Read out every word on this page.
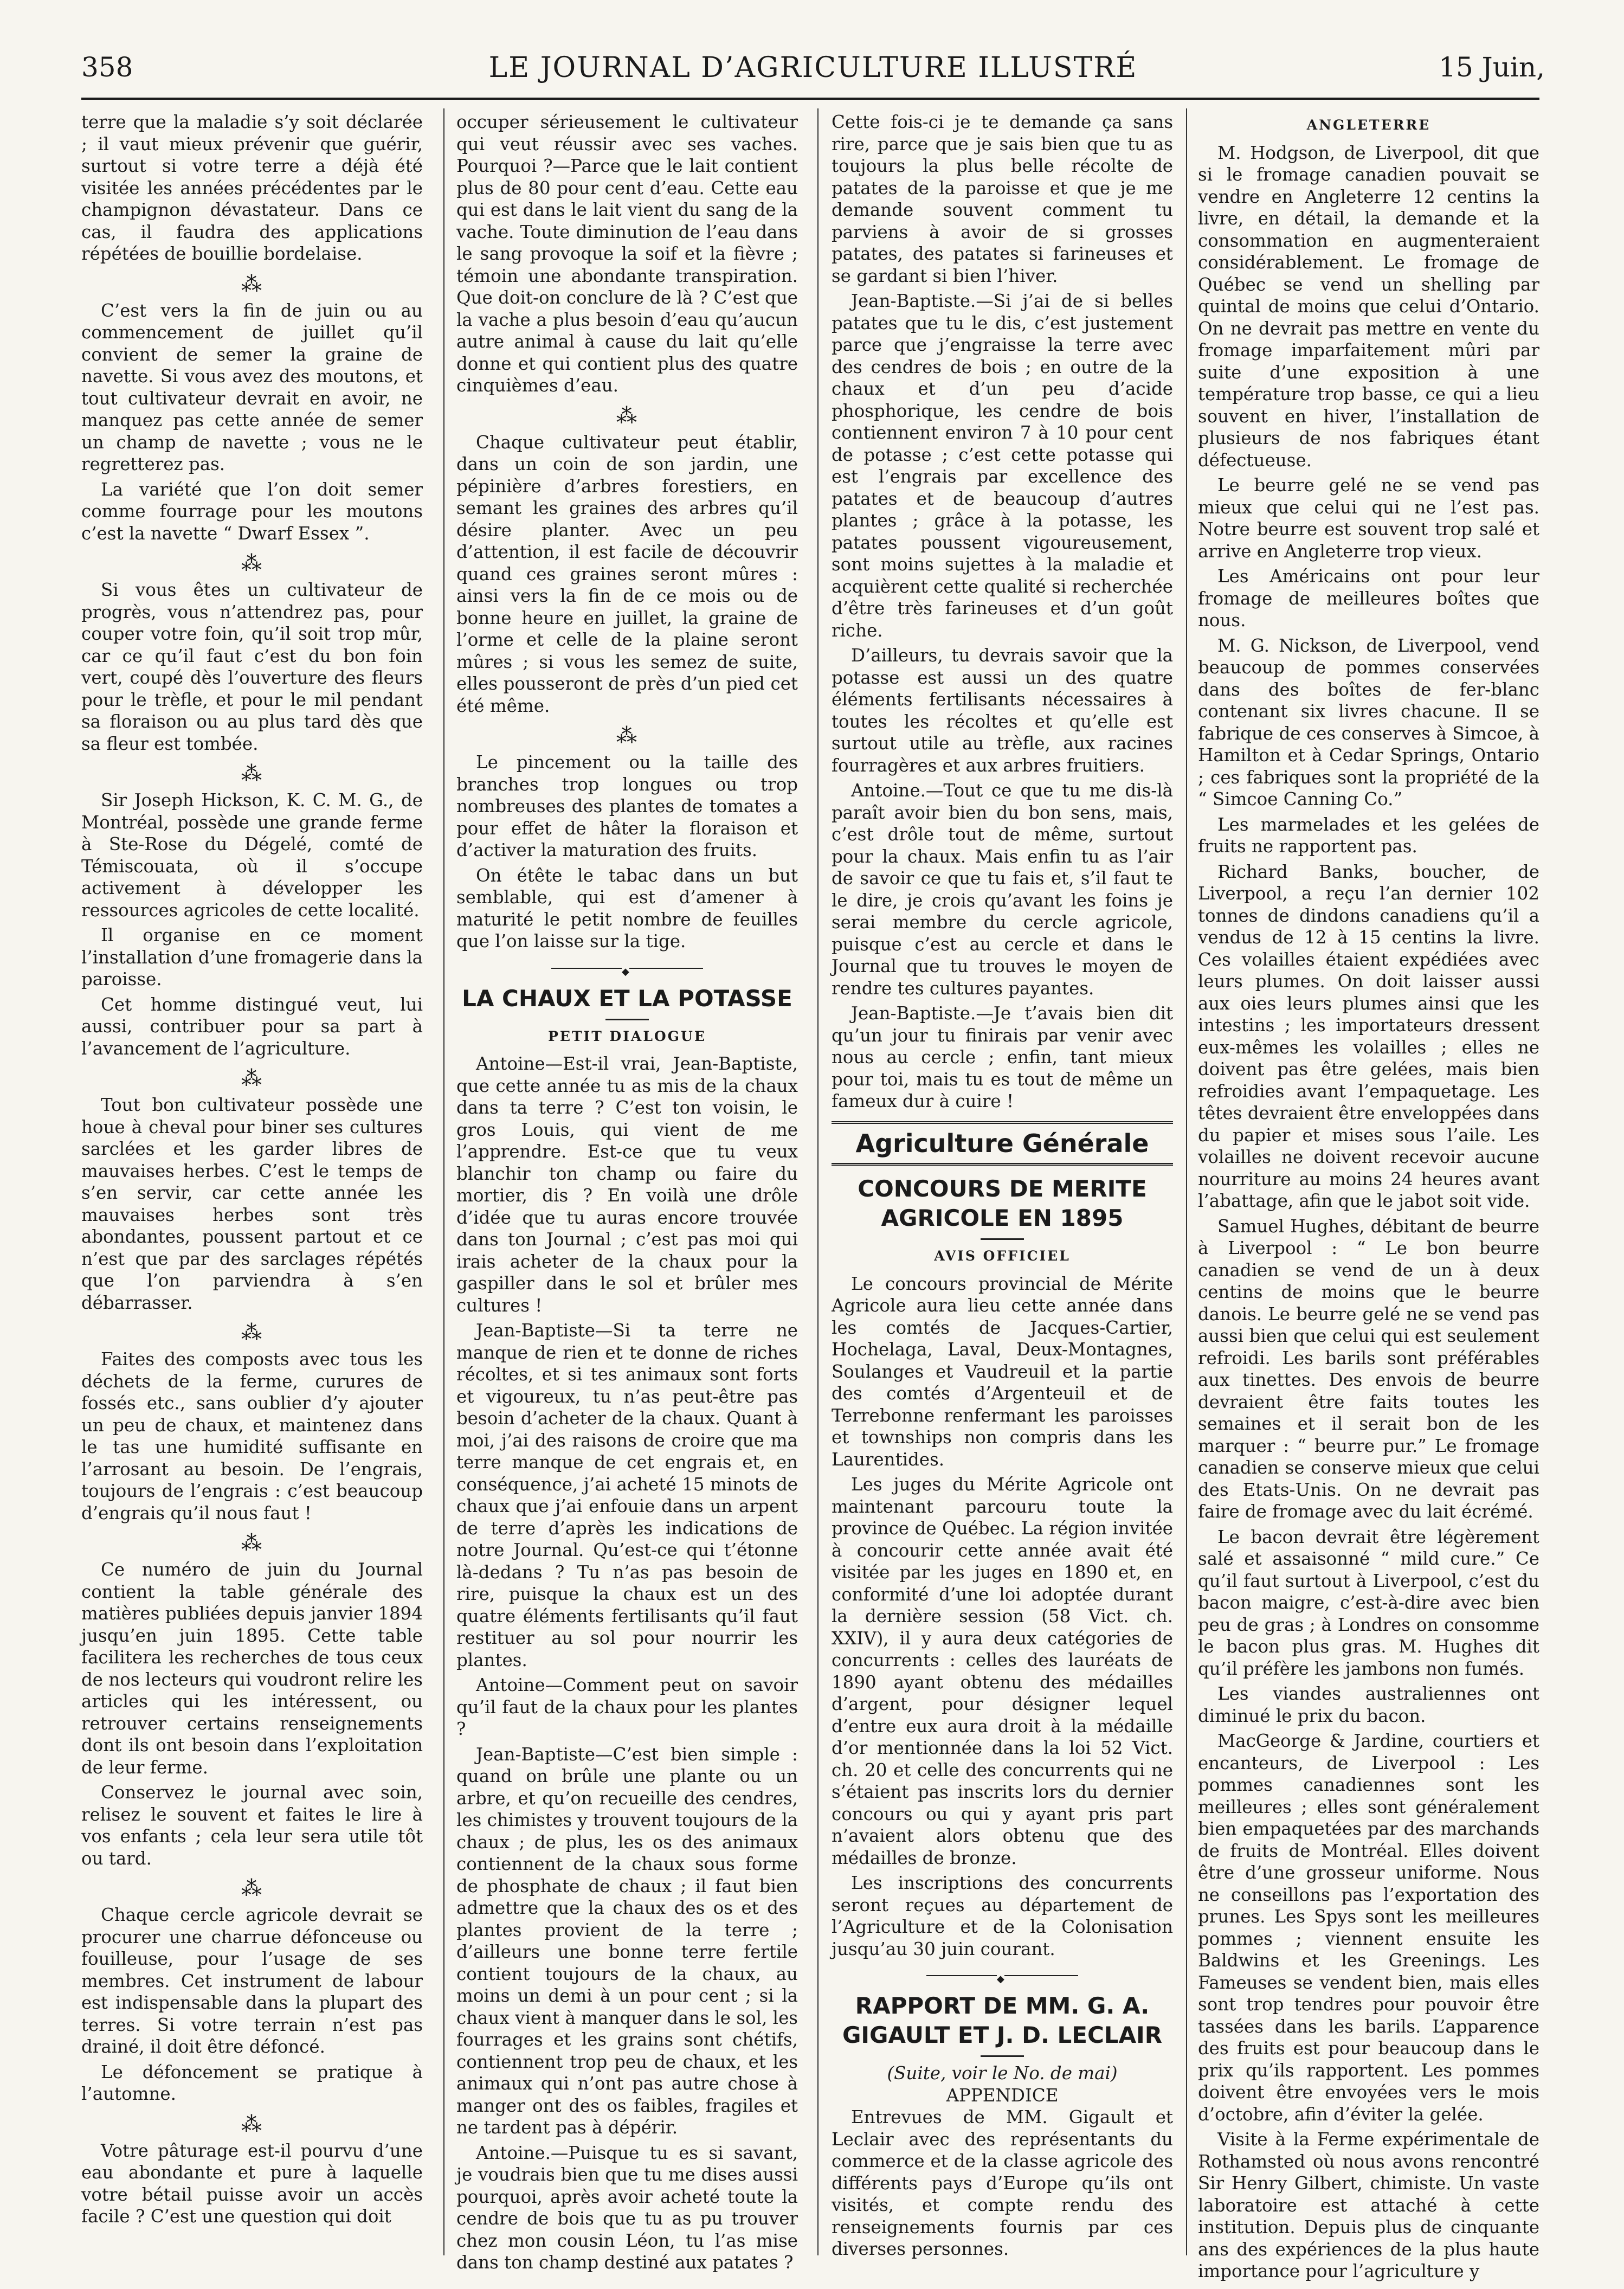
358	LE JOURNAL D’AGRICULTURE ILLUSTRÉ	15 Juin,

terre que la maladie s’y soit déclarée ; il vaut mieux prévenir que guérir, surtout si votre terre a déjà été visitée les années précédentes par le champignon dévastateur. Dans ce cas, il faudra des applications répétées de bouillie bordelaise.

⁂

C’est vers la fin de juin ou au commencement de juillet qu’il convient de semer la graine de navette. Si vous avez des moutons, et tout cultivateur devrait en avoir, ne manquez pas cette année de semer un champ de navette ; vous ne le regretterez pas.

La variété que l’on doit semer comme fourrage pour les moutons c’est la navette “ Dwarf Essex ”.

⁂

Si vous êtes un cultivateur de progrès, vous n’attendrez pas, pour couper votre foin, qu’il soit trop mûr, car ce qu’il faut c’est du bon foin vert, coupé dès l’ouverture des fleurs pour le trèfle, et pour le mil pendant sa floraison ou au plus tard dès que sa fleur est tombée.

⁂

Sir Joseph Hickson, K. C. M. G., de Montréal, possède une grande ferme à Ste-Rose du Dégelé, comté de Témiscouata, où il s’occupe activement à développer les ressources agricoles de cette localité.

Il organise en ce moment l’installation d’une fromagerie dans la paroisse.

Cet homme distingué veut, lui aussi, contribuer pour sa part à l’avancement de l’agriculture.

⁂

Tout bon cultivateur possède une houe à cheval pour biner ses cultures sarclées et les garder libres de mauvaises herbes. C’est le temps de s’en servir, car cette année les mauvaises herbes sont très abondantes, poussent partout et ce n’est que par des sarclages répétés que l’on parviendra à s’en débarrasser.

⁂

Faites des composts avec tous les déchets de la ferme, curures de fossés etc., sans oublier d’y ajouter un peu de chaux, et maintenez dans le tas une humidité suffisante en l’arrosant au besoin. De l’engrais, toujours de l’engrais : c’est beaucoup d’engrais qu’il nous faut !

⁂

Ce numéro de juin du Journal contient la table générale des matières publiées depuis janvier 1894 jusqu’en juin 1895. Cette table facilitera les recherches de tous ceux de nos lecteurs qui voudront relire les articles qui les intéressent, ou retrouver certains renseignements dont ils ont besoin dans l’exploitation de leur ferme.

Conservez le journal avec soin, relisez le souvent et faites le lire à vos enfants ; cela leur sera utile tôt ou tard.

⁂

Chaque cercle agricole devrait se procurer une charrue défonceuse ou fouilleuse, pour l’usage de ses membres. Cet instrument de labour est indispensable dans la plupart des terres. Si votre terrain n’est pas drainé, il doit être défoncé.

Le défoncement se pratique à l’automne.

⁂

Votre pâturage est-il pourvu d’une eau abondante et pure à laquelle votre bétail puisse avoir un accès facile ? C’est une question qui doit

occuper sérieusement le cultivateur qui veut réussir avec ses vaches. Pourquoi ?—Parce que le lait contient plus de 80 pour cent d’eau. Cette eau qui est dans le lait vient du sang de la vache. Toute diminution de l’eau dans le sang provoque la soif et la fièvre ; témoin une abondante transpiration. Que doit-on conclure de là ? C’est que la vache a plus besoin d’eau qu’aucun autre animal à cause du lait qu’elle donne et qui contient plus des quatre cinquièmes d’eau.

⁂

Chaque cultivateur peut établir, dans un coin de son jardin, une pépinière d’arbres forestiers, en semant les graines des arbres qu’il désire planter. Avec un peu d’attention, il est facile de découvrir quand ces graines seront mûres : ainsi vers la fin de ce mois ou de bonne heure en juillet, la graine de l’orme et celle de la plaine seront mûres ; si vous les semez de suite, elles pousseront de près d’un pied cet été même.

⁂

Le pincement ou la taille des branches trop longues ou trop nombreuses des plantes de tomates a pour effet de hâter la floraison et d’activer la maturation des fruits.

On étête le tabac dans un but semblable, qui est d’amener à maturité le petit nombre de feuilles que l’on laisse sur la tige.

◆
LA CHAUX ET LA POTASSE
PETIT DIALOGUE

Antoine—Est-il vrai, Jean-Baptiste, que cette année tu as mis de la chaux dans ta terre ? C’est ton voisin, le gros Louis, qui vient de me l’apprendre. Est-ce que tu veux blanchir ton champ ou faire du mortier, dis ? En voilà une drôle d’idée que tu auras encore trouvée dans ton Journal ; c’est pas moi qui irais acheter de la chaux pour la gaspiller dans le sol et brûler mes cultures !

Jean-Baptiste—Si ta terre ne manque de rien et te donne de riches récoltes, et si tes animaux sont forts et vigoureux, tu n’as peut-être pas besoin d’acheter de la chaux. Quant à moi, j’ai des raisons de croire que ma terre manque de cet engrais et, en conséquence, j’ai acheté 15 minots de chaux que j’ai enfouie dans un arpent de terre d’après les indications de notre Journal. Qu’est-ce qui t’étonne là-dedans ? Tu n’as pas besoin de rire, puisque la chaux est un des quatre éléments fertilisants qu’il faut restituer au sol pour nourrir les plantes.

Antoine—Comment peut on savoir qu’il faut de la chaux pour les plantes ?

Jean-Baptiste—C’est bien simple : quand on brûle une plante ou un arbre, et qu’on recueille des cendres, les chimistes y trouvent toujours de la chaux ; de plus, les os des animaux contiennent de la chaux sous forme de phosphate de chaux ; il faut bien admettre que la chaux des os et des plantes provient de la terre ; d’ailleurs une bonne terre fertile contient toujours de la chaux, au moins un demi à un pour cent ; si la chaux vient à manquer dans le sol, les fourrages et les grains sont chétifs, contiennent trop peu de chaux, et les animaux qui n’ont pas autre chose à manger ont des os faibles, fragiles et ne tardent pas à dépérir.

Antoine.—Puisque tu es si savant, je voudrais bien que tu me dises aussi pourquoi, après avoir acheté toute la cendre de bois que tu as pu trouver chez mon cousin Léon, tu l’as mise dans ton champ destiné aux patates ?

Cette fois-ci je te demande ça sans rire, parce que je sais bien que tu as toujours la plus belle récolte de patates de la paroisse et que je me demande souvent comment tu parviens à avoir de si grosses patates, des patates si farineuses et se gardant si bien l’hiver.

Jean-Baptiste.—Si j’ai de si belles patates que tu le dis, c’est justement parce que j’engraisse la terre avec des cendres de bois ; en outre de la chaux et d’un peu d’acide phosphorique, les cendre de bois contiennent environ 7 à 10 pour cent de potasse ; c’est cette potasse qui est l’engrais par excellence des patates et de beaucoup d’autres plantes ; grâce à la potasse, les patates poussent vigoureusement, sont moins sujettes à la maladie et acquièrent cette qualité si recherchée d’être très farineuses et d’un goût riche.

D’ailleurs, tu devrais savoir que la potasse est aussi un des quatre éléments fertilisants nécessaires à toutes les récoltes et qu’elle est surtout utile au trèfle, aux racines fourragères et aux arbres fruitiers.

Antoine.—Tout ce que tu me dis-là paraît avoir bien du bon sens, mais, c’est drôle tout de même, surtout pour la chaux. Mais enfin tu as l’air de savoir ce que tu fais et, s’il faut te le dire, je crois qu’avant les foins je serai membre du cercle agricole, puisque c’est au cercle et dans le Journal que tu trouves le moyen de rendre tes cultures payantes.

Jean-Baptiste.—Je t’avais bien dit qu’un jour tu finirais par venir avec nous au cercle ; enfin, tant mieux pour toi, mais tu es tout de même un fameux dur à cuire !

Agriculture Générale
CONCOURS DE MERITE AGRICOLE EN 1895
AVIS OFFICIEL

Le concours provincial de Mérite Agricole aura lieu cette année dans les comtés de Jacques-Cartier, Hochelaga, Laval, Deux-Montagnes, Soulanges et Vaudreuil et la partie des comtés d’Argenteuil et de Terrebonne renfermant les paroisses et townships non compris dans les Laurentides.

Les juges du Mérite Agricole ont maintenant parcouru toute la province de Québec. La région invitée à concourir cette année avait été visitée par les juges en 1890 et, en conformité d’une loi adoptée durant la dernière session (58 Vict. ch. XXIV), il y aura deux catégories de concurrents : celles des lauréats de 1890 ayant obtenu des médailles d’argent, pour désigner lequel d’entre eux aura droit à la médaille d’or mentionnée dans la loi 52 Vict. ch. 20 et celle des concurrents qui ne s’étaient pas inscrits lors du dernier concours ou qui y ayant pris part n’avaient alors obtenu que des médailles de bronze.

Les inscriptions des concurrents seront reçues au département de l’Agriculture et de la Colonisation jusqu’au 30 juin courant.

◆
RAPPORT DE MM. G. A. GIGAULT ET J. D. LECLAIR
(Suite, voir le No. de mai)
APPENDICE

Entrevues de MM. Gigault et Leclair avec des représentants du commerce et de la classe agricole des différents pays d’Europe qu’ils ont visités, et compte rendu des renseignements fournis par ces diverses personnes.

ANGLETERRE

M. Hodgson, de Liverpool, dit que si le fromage canadien pouvait se vendre en Angleterre 12 centins la livre, en détail, la demande et la consommation en augmenteraient considérablement. Le fromage de Québec se vend un shelling par quintal de moins que celui d’Ontario. On ne devrait pas mettre en vente du fromage imparfaitement mûri par suite d’une exposition à une température trop basse, ce qui a lieu souvent en hiver, l’installation de plusieurs de nos fabriques étant défectueuse.

Le beurre gelé ne se vend pas mieux que celui qui ne l’est pas. Notre beurre est souvent trop salé et arrive en Angleterre trop vieux.

Les Américains ont pour leur fromage de meilleures boîtes que nous.

M. G. Nickson, de Liverpool, vend beaucoup de pommes conservées dans des boîtes de fer-blanc contenant six livres chacune. Il se fabrique de ces conserves à Simcoe, à Hamilton et à Cedar Springs, Ontario ; ces fabriques sont la propriété de la “ Simcoe Canning Co.”

Les marmelades et les gelées de fruits ne rapportent pas.

Richard Banks, boucher, de Liverpool, a reçu l’an dernier 102 tonnes de dindons canadiens qu’il a vendus de 12 à 15 centins la livre. Ces volailles étaient expédiées avec leurs plumes. On doit laisser aussi aux oies leurs plumes ainsi que les intestins ; les importateurs dressent eux-mêmes les volailles ; elles ne doivent pas être gelées, mais bien refroidies avant l’empaquetage. Les têtes devraient être enveloppées dans du papier et mises sous l’aile. Les volailles ne doivent recevoir aucune nourriture au moins 24 heures avant l’abattage, afin que le jabot soit vide.

Samuel Hughes, débitant de beurre à Liverpool : “ Le bon beurre canadien se vend de un à deux centins de moins que le beurre danois. Le beurre gelé ne se vend pas aussi bien que celui qui est seulement refroidi. Les barils sont préférables aux tinettes. Des envois de beurre devraient être faits toutes les semaines et il serait bon de les marquer : “ beurre pur.” Le fromage canadien se conserve mieux que celui des Etats-Unis. On ne devrait pas faire de fromage avec du lait écrémé.

Le bacon devrait être légèrement salé et assaisonné “ mild cure.” Ce qu’il faut surtout à Liverpool, c’est du bacon maigre, c’est-à-dire avec bien peu de gras ; à Londres on consomme le bacon plus gras. M. Hughes dit qu’il préfère les jambons non fumés.

Les viandes australiennes ont diminué le prix du bacon.

MacGeorge & Jardine, courtiers et encanteurs, de Liverpool : Les pommes canadiennes sont les meilleures ; elles sont généralement bien empaquetées par des marchands de fruits de Montréal. Elles doivent être d’une grosseur uniforme. Nous ne conseillons pas l’exportation des prunes. Les Spys sont les meilleures pommes ; viennent ensuite les Baldwins et les Greenings. Les Fameuses se vendent bien, mais elles sont trop tendres pour pouvoir être tassées dans les barils. L’apparence des fruits est pour beaucoup dans le prix qu’ils rapportent. Les pommes doivent être envoyées vers le mois d’octobre, afin d’éviter la gelée.

Visite à la Ferme expérimentale de Rothamsted où nous avons rencontré Sir Henry Gilbert, chimiste. Un vaste laboratoire est attaché à cette institution. Depuis plus de cinquante ans des expériences de la plus haute importance pour l’agriculture y
